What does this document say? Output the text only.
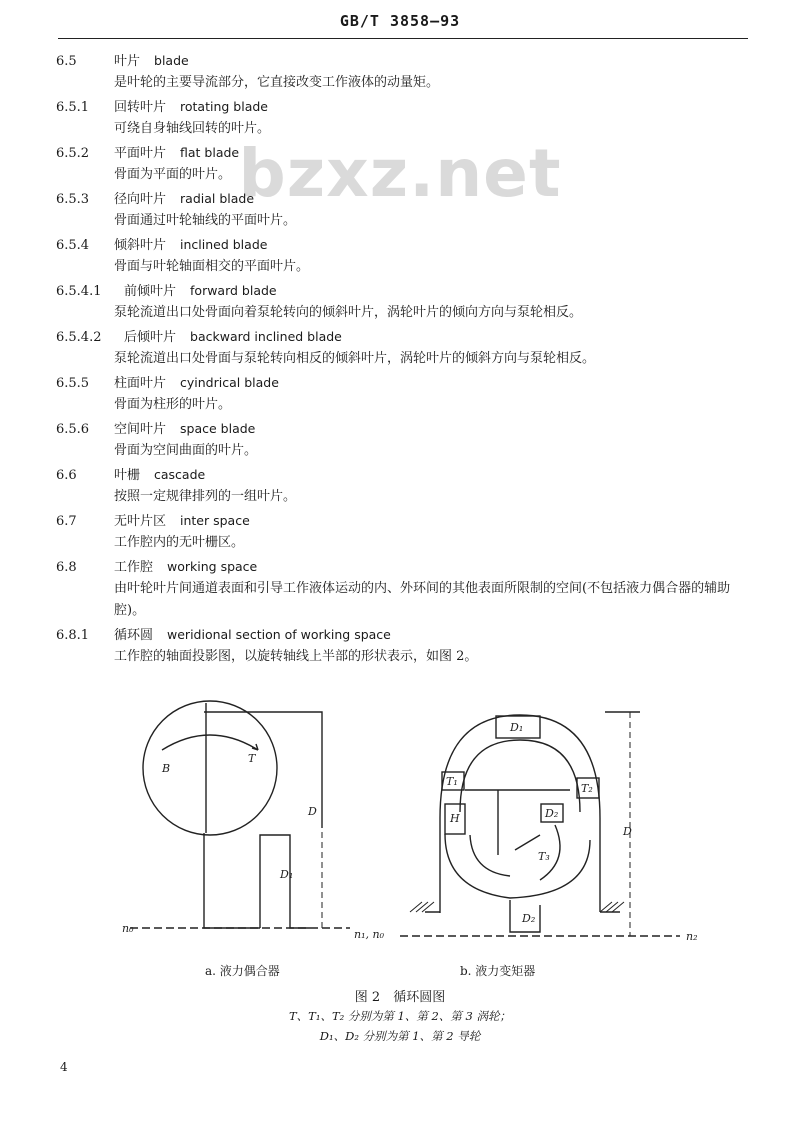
GB/T 3858—93
bzxz.net
6.5	叶片 blade
是叶轮的主要导流部分，它直接改变工作液体的动量矩。
6.5.1 回转叶片 rotating blade
可绕自身轴线回转的叶片。
6.5.2 平面叶片 flat blade
骨面为平面的叶片。
6.5.3 径向叶片 radial blade
骨面通过叶轮轴线的平面叶片。
6.5.4 倾斜叶片 inclined blade
骨面与叶轮轴面相交的平面叶片。
6.5.4.1 前倾叶片 forward blade
泵轮流道出口处骨面向着泵轮转向的倾斜叶片，涡轮叶片的倾向方向与泵轮相反。
6.5.4.2 后倾叶片 backward inclined blade
泵轮流道出口处骨面与泵轮转向相反的倾斜叶片，涡轮叶片的倾斜方向与泵轮相反。
6.5.5 柱面叶片 cyindrical blade
骨面为柱形的叶片。
6.5.6 空间叶片 space blade
骨面为空间曲面的叶片。
6.6	叶栅 cascade
按照一定规律排列的一组叶片。
6.7	无叶片区 inter space
工作腔内的无叶栅区。
6.8	工作腔 working space
由叶轮叶片间通道表面和引导工作液体运动的内、外环间的其他表面所限制的空间(不包括液力偶合器的辅助腔)。
6.8.1 循环圆 weridional section of working space
工作腔的轴面投影图，以旋转轴线上半部的形状表示，如图 2。
B
T
D
D₁
n₀	n₁, n₀
D₁
T₁
T₂
D₂
H
T₃
D
D₂
n₂
a. 液力偶合器	b. 液力变矩器
图 2　循环圆图
T、T₁、T₂ 分别为第 1、第 2、第 3 涡轮；
D₁、D₂ 分别为第 1、第 2 导轮
4
